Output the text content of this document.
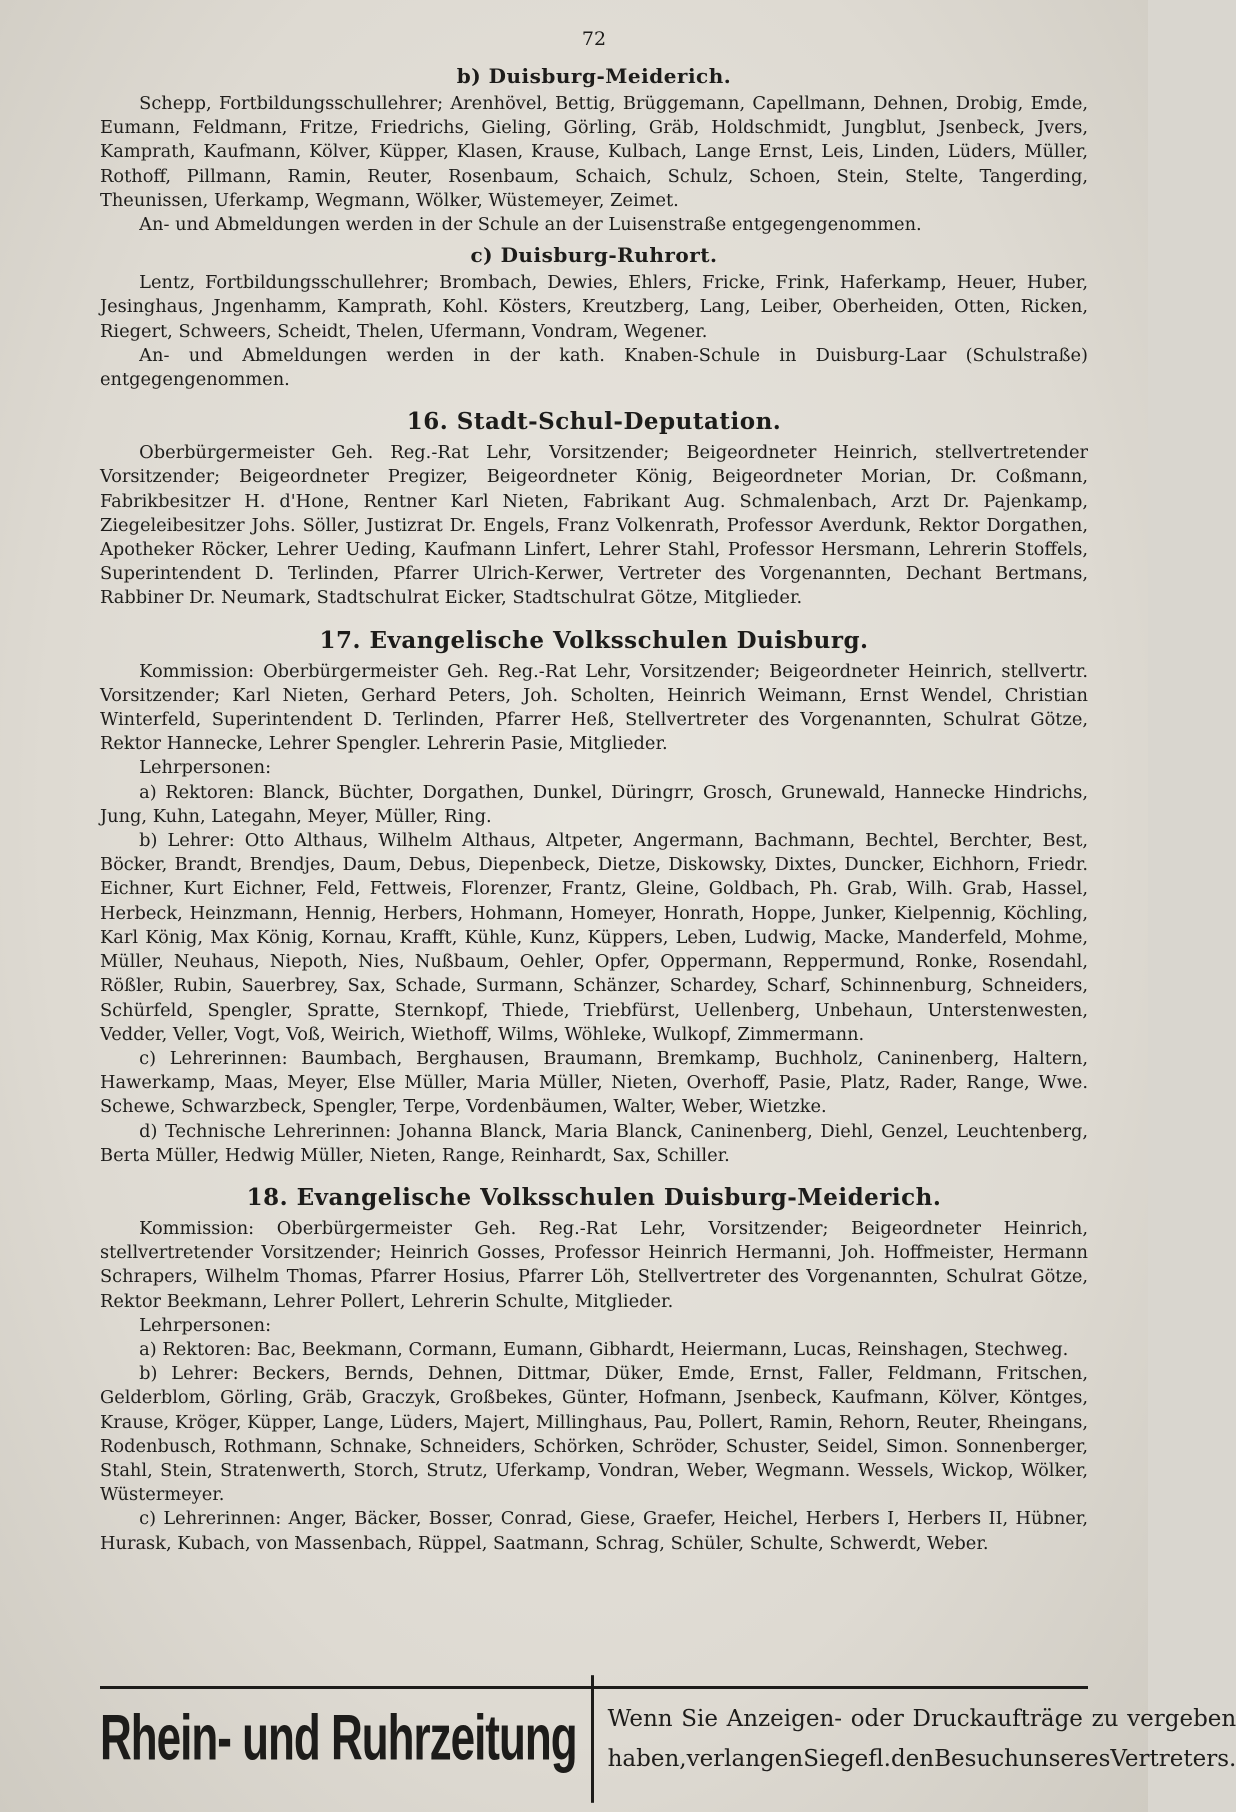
72
b) Duisburg-Meiderich.

Schepp, Fortbildungsschullehrer; Arenhövel, Bettig, Brüggemann, Capellmann, Dehnen, Drobig, Emde, Eumann, Feldmann, Fritze, Friedrichs, Gieling, Görling, Gräb, Holdschmidt, Jungblut, Jsenbeck, Jvers, Kamprath, Kaufmann, Kölver, Küpper, Klasen, Krause, Kulbach, Lange Ernst, Leis, Linden, Lüders, Müller, Rothoff, Pillmann, Ramin, Reuter, Rosenbaum, Schaich, Schulz, Schoen, Stein, Stelte, Tangerding, Theunissen, Uferkamp, Wegmann, Wölker, Wüstemeyer, Zeimet.

An- und Abmeldungen werden in der Schule an der Luisenstraße entgegengenommen.

c) Duisburg-Ruhrort.

Lentz, Fortbildungsschullehrer; Brombach, Dewies, Ehlers, Fricke, Frink, Haferkamp, Heuer, Huber, Jesinghaus, Jngenhamm, Kamprath, Kohl. Kösters, Kreutzberg, Lang, Leiber, Oberheiden, Otten, Ricken, Riegert, Schweers, Scheidt, Thelen, Ufermann, Vondram, Wegener.

An- und Abmeldungen werden in der kath. Knaben-Schule in Duisburg-Laar (Schulstraße) entgegengenommen.

16. Stadt-Schul-Deputation.

Oberbürgermeister Geh. Reg.-Rat Lehr, Vorsitzender; Beigeordneter Heinrich, stellvertretender Vorsitzender; Beigeordneter Pregizer, Beigeordneter König, Beigeordneter Morian, Dr. Coßmann, Fabrikbesitzer H. d'Hone, Rentner Karl Nieten, Fabrikant Aug. Schmalenbach, Arzt Dr. Pajenkamp, Ziegeleibesitzer Johs. Söller, Justizrat Dr. Engels, Franz Volkenrath, Professor Averdunk, Rektor Dorgathen, Apotheker Röcker, Lehrer Ueding, Kaufmann Linfert, Lehrer Stahl, Professor Hersmann, Lehrerin Stoffels, Superintendent D. Terlinden, Pfarrer Ulrich-Kerwer, Vertreter des Vorgenannten, Dechant Bertmans, Rabbiner Dr. Neumark, Stadtschulrat Eicker, Stadtschulrat Götze, Mitglieder.

17. Evangelische Volksschulen Duisburg.

Kommission: Oberbürgermeister Geh. Reg.-Rat Lehr, Vorsitzender; Beigeordneter Heinrich, stellvertr. Vorsitzender; Karl Nieten, Gerhard Peters, Joh. Scholten, Heinrich Weimann, Ernst Wendel, Christian Winterfeld, Superintendent D. Terlinden, Pfarrer Heß, Stellvertreter des Vorgenannten, Schulrat Götze, Rektor Hannecke, Lehrer Spengler. Lehrerin Pasie, Mitglieder.

Lehrpersonen:

a) Rektoren: Blanck, Büchter, Dorgathen, Dunkel, Düringrr, Grosch, Grunewald, Hannecke Hindrichs, Jung, Kuhn, Lategahn, Meyer, Müller, Ring.

b) Lehrer: Otto Althaus, Wilhelm Althaus, Altpeter, Angermann, Bachmann, Bechtel, Berchter, Best, Böcker, Brandt, Brendjes, Daum, Debus, Diepenbeck, Dietze, Diskowsky, Dixtes, Duncker, Eichhorn, Friedr. Eichner, Kurt Eichner, Feld, Fettweis, Florenzer, Frantz, Gleine, Goldbach, Ph. Grab, Wilh. Grab, Hassel, Herbeck, Heinzmann, Hennig, Herbers, Hohmann, Homeyer, Honrath, Hoppe, Junker, Kielpennig, Köchling, Karl König, Max König, Kornau, Krafft, Kühle, Kunz, Küppers, Leben, Ludwig, Macke, Manderfeld, Mohme, Müller, Neuhaus, Niepoth, Nies, Nußbaum, Oehler, Opfer, Oppermann, Reppermund, Ronke, Rosendahl, Rößler, Rubin, Sauerbrey, Sax, Schade, Surmann, Schänzer, Schardey, Scharf, Schinnenburg, Schneiders, Schürfeld, Spengler, Spratte, Sternkopf, Thiede, Triebfürst, Uellenberg, Unbehaun, Unterstenwesten, Vedder, Veller, Vogt, Voß, Weirich, Wiethoff, Wilms, Wöhleke, Wulkopf, Zimmermann.

c) Lehrerinnen: Baumbach, Berghausen, Braumann, Bremkamp, Buchholz, Caninenberg, Haltern, Hawerkamp, Maas, Meyer, Else Müller, Maria Müller, Nieten, Overhoff, Pasie, Platz, Rader, Range, Wwe. Schewe, Schwarzbeck, Spengler, Terpe, Vordenbäumen, Walter, Weber, Wietzke.

d) Technische Lehrerinnen: Johanna Blanck, Maria Blanck, Caninenberg, Diehl, Genzel, Leuchtenberg, Berta Müller, Hedwig Müller, Nieten, Range, Reinhardt, Sax, Schiller.

18. Evangelische Volksschulen Duisburg-Meiderich.

Kommission: Oberbürgermeister Geh. Reg.-Rat Lehr, Vorsitzender; Beigeordneter Heinrich, stellvertretender Vorsitzender; Heinrich Gosses, Professor Heinrich Hermanni, Joh. Hoffmeister, Hermann Schrapers, Wilhelm Thomas, Pfarrer Hosius, Pfarrer Löh, Stellvertreter des Vorgenannten, Schulrat Götze, Rektor Beekmann, Lehrer Pollert, Lehrerin Schulte, Mitglieder.

Lehrpersonen:

a) Rektoren: Bac, Beekmann, Cormann, Eumann, Gibhardt, Heiermann, Lucas, Reinshagen, Stechweg.

b) Lehrer: Beckers, Bernds, Dehnen, Dittmar, Düker, Emde, Ernst, Faller, Feldmann, Fritschen, Gelderblom, Görling, Gräb, Graczyk, Großbekes, Günter, Hofmann, Jsenbeck, Kaufmann, Kölver, Köntges, Krause, Kröger, Küpper, Lange, Lüders, Majert, Millinghaus, Pau, Pollert, Ramin, Rehorn, Reuter, Rheingans, Rodenbusch, Rothmann, Schnake, Schneiders, Schörken, Schröder, Schuster, Seidel, Simon. Sonnenberger, Stahl, Stein, Stratenwerth, Storch, Strutz, Uferkamp, Vondran, Weber, Wegmann. Wessels, Wickop, Wölker, Wüstermeyer.

c) Lehrerinnen: Anger, Bäcker, Bosser, Conrad, Giese, Graefer, Heichel, Herbers I, Herbers II, Hübner, Hurask, Kubach, von Massenbach, Rüppel, Saatmann, Schrag, Schüler, Schulte, Schwerdt, Weber.

Rhein- und Ruhrzeitung	Wenn Sie Anzeigen- oder Druckaufträge zu vergeben
haben, verlangen Sie gefl. den Besuch unseres Vertreters.
